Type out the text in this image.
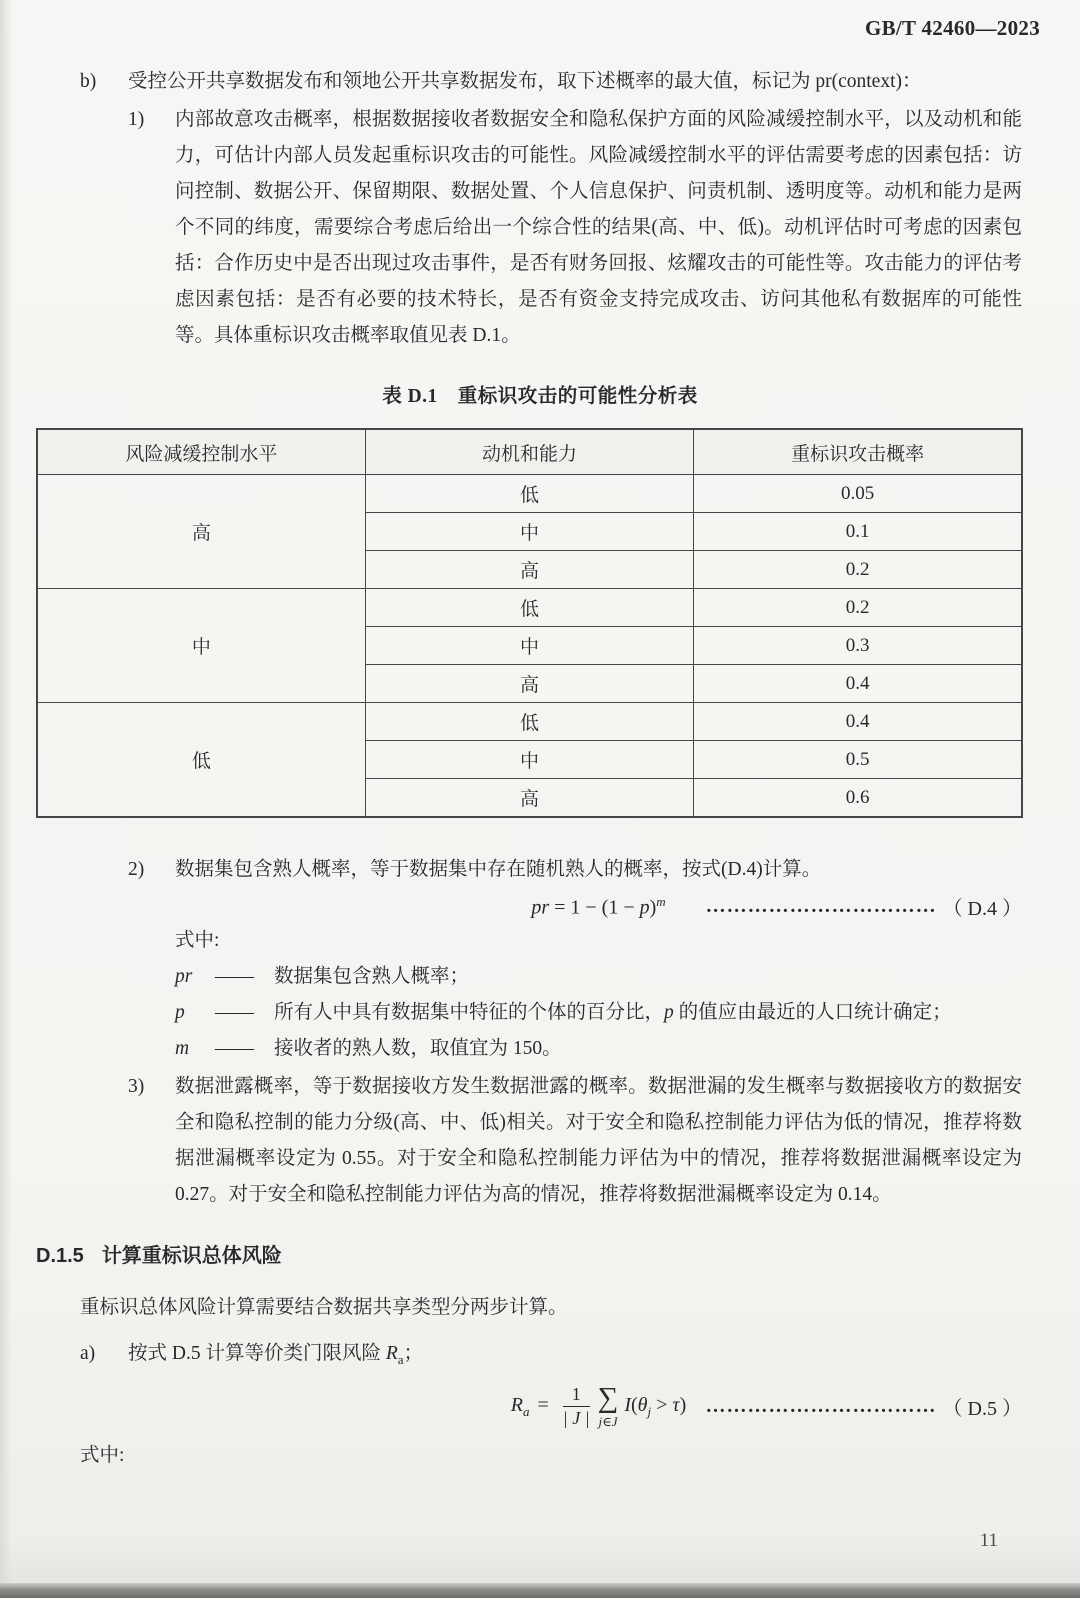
GB/T 42460—2023
b) 受控公开共享数据发布和领地公开共享数据发布，取下述概率的最大值，标记为 pr(context)：
1) 内部故意攻击概率，根据数据接收者数据安全和隐私保护方面的风险减缓控制水平，以及动机和能力，可估计内部人员发起重标识攻击的可能性。风险减缓控制水平的评估需要考虑的因素包括：访问控制、数据公开、保留期限、数据处置、个人信息保护、问责机制、透明度等。动机和能力是两个不同的纬度，需要综合考虑后给出一个综合性的结果(高、中、低)。动机评估时可考虑的因素包括：合作历史中是否出现过攻击事件，是否有财务回报、炫耀攻击的可能性等。攻击能力的评估考虑因素包括：是否有必要的技术特长，是否有资金支持完成攻击、访问其他私有数据库的可能性等。具体重标识攻击概率取值见表 D.1。
表 D.1　重标识攻击的可能性分析表
风险减缓控制水平	动机和能力	重标识攻击概率
高	低	0.05
	中	0.1
	高	0.2
中	低	0.2
	中	0.3
	高	0.4
低	低	0.4
	中	0.5
	高	0.6
2) 数据集包含熟人概率，等于数据集中存在随机熟人的概率，按式(D.4)计算。
pr = $1 - (1 - p)^m$ …………………………… （ D.4 ）
式中:
pr —— 数据集包含熟人概率；
p —— 所有人中具有数据集中特征的个体的百分比，p 的值应由最近的人口统计确定；
m —— 接收者的熟人数，取值宜为 150。
3) 数据泄露概率，等于数据接收方发生数据泄露的概率。数据泄漏的发生概率与数据接收方的数据安全和隐私控制的能力分级(高、中、低)相关。对于安全和隐私控制能力评估为低的情况，推荐将数据泄漏概率设定为 0.55。对于安全和隐私控制能力评估为中的情况，推荐将数据泄漏概率设定为 0.27。对于安全和隐私控制能力评估为高的情况，推荐将数据泄漏概率设定为 0.14。
D.1.5 计算重标识总体风险
重标识总体风险计算需要结合数据共享类型分两步计算。
a) 按式 D.5 计算等价类门限风险 $R_a$；
$R_a = \frac{1}{| J |}$ ∑
j∈J
$I(\theta_j > \tau)$ …………………………… （ D.5 ）
式中:
11
